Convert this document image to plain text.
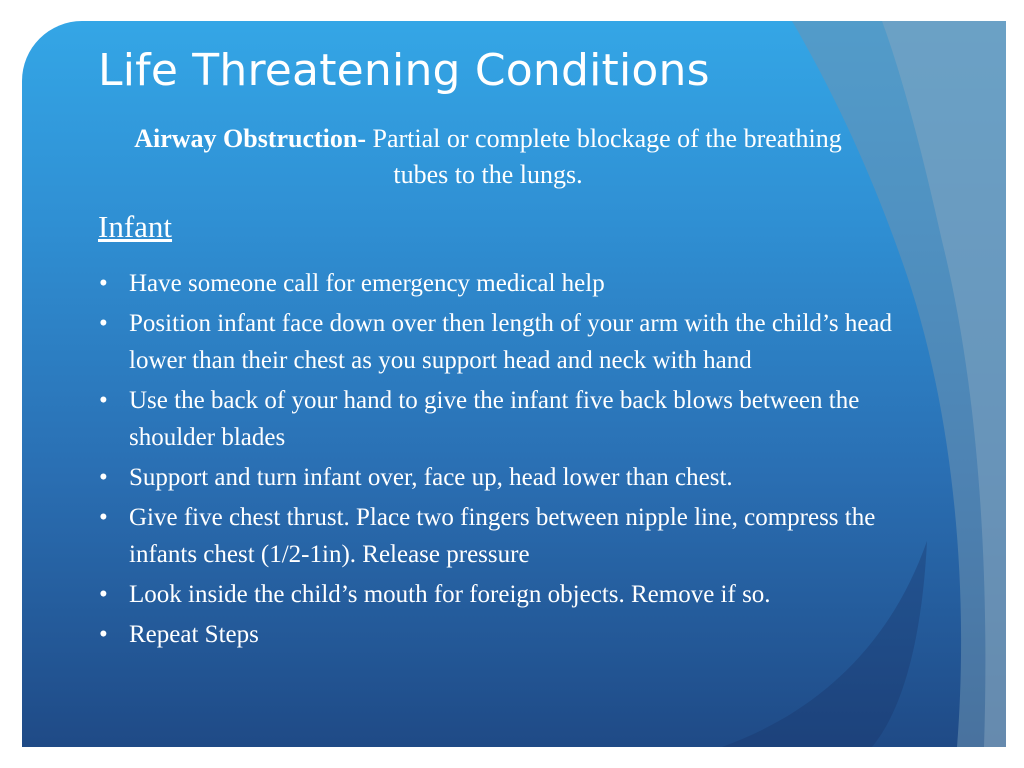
Life Threatening Conditions

Airway Obstruction- Partial or complete blockage of the breathing tubes to the lungs.

Infant
• Have someone call for emergency medical help
• Position infant face down over then length of your arm with the child’s head lower than their chest as you support head and neck with hand
• Use the back of your hand to give the infant five back blows between the shoulder blades
• Support and turn infant over, face up, head lower than chest.
• Give five chest thrust. Place two fingers between nipple line, compress the infants chest (1/2-1in). Release pressure
• Look inside the child’s mouth for foreign objects. Remove if so.
• Repeat Steps
